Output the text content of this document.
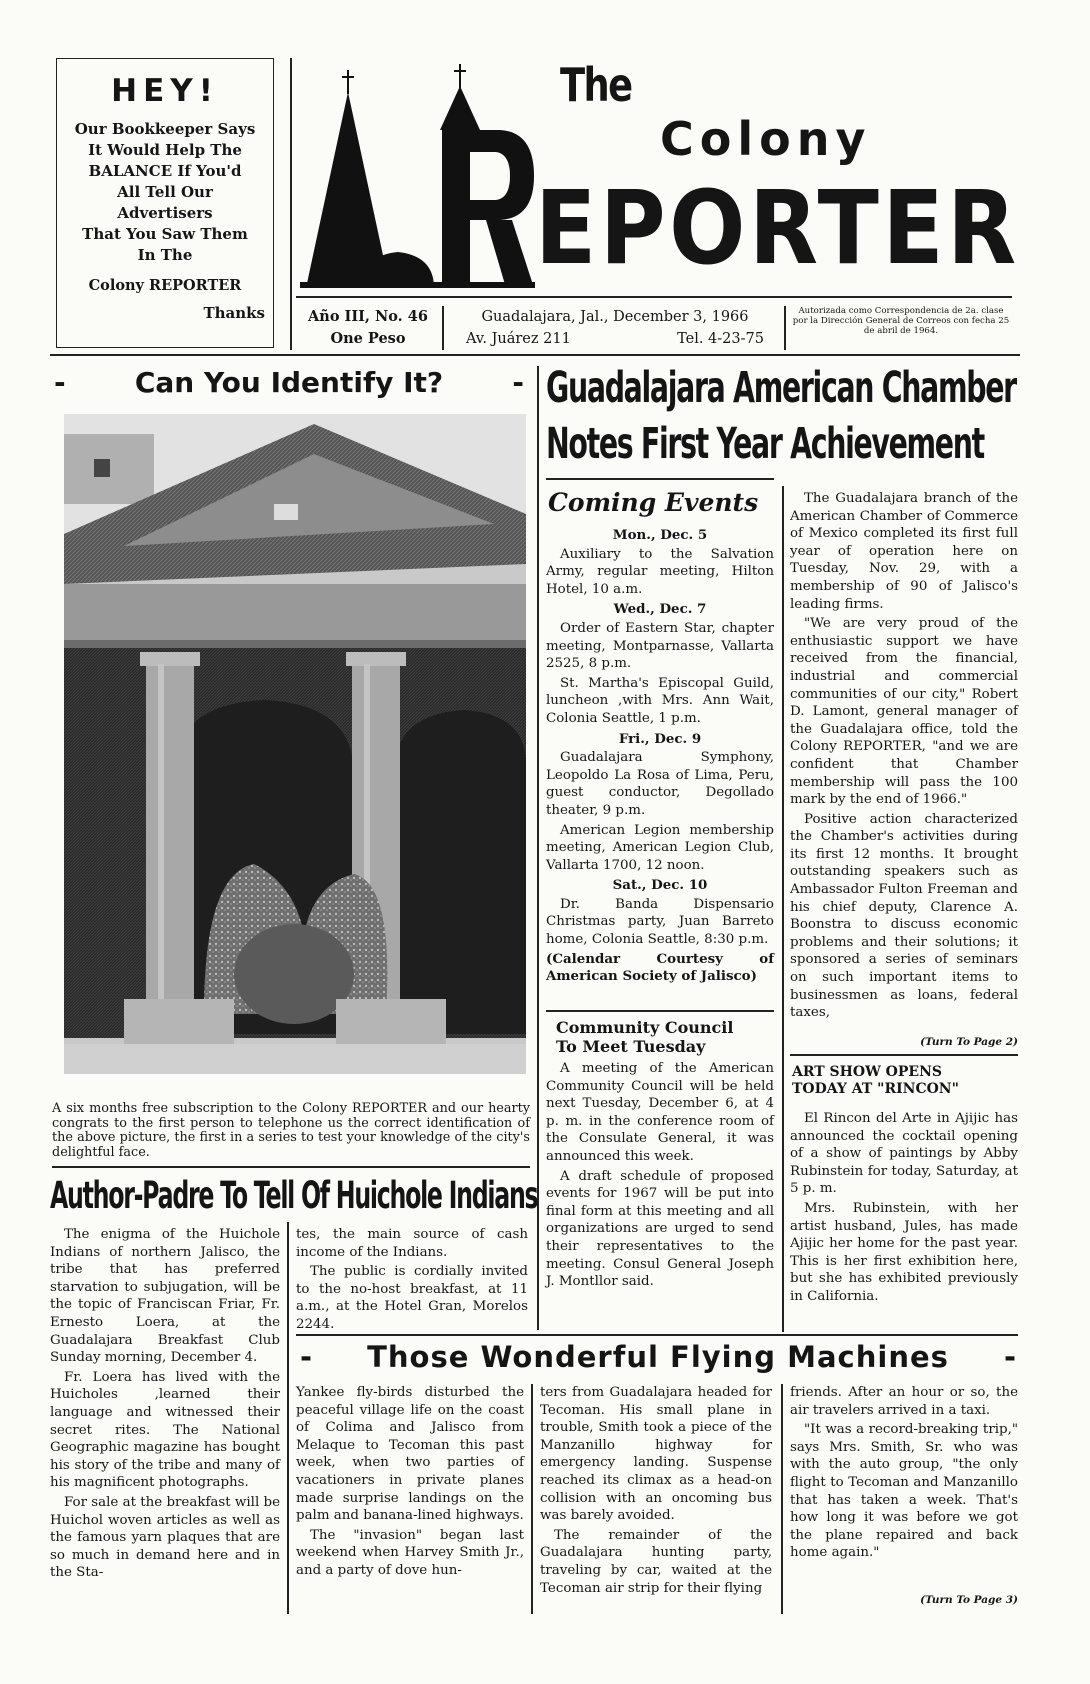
HEY!
Our Bookkeeper Says
It Would Help The
BALANCE If You'd
All Tell Our
Advertisers
That You Saw Them
In The
Colony REPORTER
Thanks
The
Colony
EPORTER
Año III, No. 46
One Peso
Guadalajara, Jal., December 3, 1966
Av. Juárez 211	Tel. 4-23-75
Autorizada como Correspondencia de 2a. clase por la Dirección General de Correos con fecha 25 de abril de 1964.
- Can You Identify It? -
A six months free subscription to the Colony REPORTER and our hearty congrats to the first person to telephone us the correct identification of the above picture, the first in a series to test your knowledge of the city's delightful face.
Author-Padre To Tell Of Huichole Indians

The enigma of the Huichole Indians of northern Jalisco, the tribe that has preferred starvation to subjugation, will be the topic of Franciscan Friar, Fr. Ernesto Loera, at the Guadalajara Breakfast Club Sunday morning, December 4.

Fr. Loera has lived with the Huicholes ,learned their language and witnessed their secret rites. The National Geographic magazine has bought his story of the tribe and many of his magnificent photographs.

For sale at the breakfast will be Huichol woven articles as well as the famous yarn plaques that are so much in demand here and in the Sta-

tes, the main source of cash income of the Indians.

The public is cordially invited to the no-host breakfast, at 11 a.m., at the Hotel Gran, Morelos 2244.

Guadalajara American Chamber
Notes First Year Achievement
Coming Events

Mon., Dec. 5

Auxiliary to the Salvation Army, regular meeting, Hilton Hotel, 10 a.m.

Wed., Dec. 7

Order of Eastern Star, chapter meeting, Montparnasse, Vallarta 2525, 8 p.m.

St. Martha's Episcopal Guild, luncheon ,with Mrs. Ann Wait, Colonia Seattle, 1 p.m.

Fri., Dec. 9

Guadalajara Symphony, Leopoldo La Rosa of Lima, Peru, guest conductor, Degollado theater, 9 p.m.

American Legion membership meeting, American Legion Club, Vallarta 1700, 12 noon.

Sat., Dec. 10

Dr. Banda Dispensario Christmas party, Juan Barreto home, Colonia Seattle, 8:30 p.m.

(Calendar Courtesy of American Society of Jalisco)

Community Council
To Meet Tuesday

A meeting of the American Community Council will be held next Tuesday, December 6, at 4 p. m. in the conference room of the Consulate General, it was announced this week.

A draft schedule of proposed events for 1967 will be put into final form at this meeting and all organizations are urged to send their representatives to the meeting. Consul General Joseph J. Montllor said.

The Guadalajara branch of the American Chamber of Commerce of Mexico completed its first full year of operation here on Tuesday, Nov. 29, with a membership of 90 of Jalisco's leading firms.

"We are very proud of the enthusiastic support we have received from the financial, industrial and commercial communities of our city," Robert D. Lamont, general manager of the Guadalajara office, told the Colony REPORTER, "and we are confident that Chamber membership will pass the 100 mark by the end of 1966."

Positive action characterized the Chamber's activities during its first 12 months. It brought outstanding speakers such as Ambassador Fulton Freeman and his chief deputy, Clarence A. Boonstra to discuss economic problems and their solutions; it sponsored a series of seminars on such important items to businessmen as loans, federal taxes,

(Turn To Page 2)
ART SHOW OPENS TODAY AT "RINCON"

El Rincon del Arte in Ajijic has announced the cocktail opening of a show of paintings by Abby Rubinstein for today, Saturday, at 5 p. m.

Mrs. Rubinstein, with her artist husband, Jules, has made Ajijic her home for the past year. This is her first exhibition here, but she has exhibited previously in California.

- Those Wonderful Flying Machines -

Yankee fly-birds disturbed the peaceful village life on the coast of Colima and Jalisco from Melaque to Tecoman this past week, when two parties of vacationers in private planes made surprise landings on the palm and banana-lined highways.

The "invasion" began last weekend when Harvey Smith Jr., and a party of dove hun-

ters from Guadalajara headed for Tecoman. His small plane in trouble, Smith took a piece of the Manzanillo highway for emergency landing. Suspense reached its climax as a head-on collision with an oncoming bus was barely avoided.

The remainder of the Guadalajara hunting party, traveling by car, waited at the Tecoman air strip for their flying

friends. After an hour or so, the air travelers arrived in a taxi.

"It was a record-breaking trip," says Mrs. Smith, Sr. who was with the auto group, "the only flight to Tecoman and Manzanillo that has taken a week. That's how long it was before we got the plane repaired and back home again."

(Turn To Page 3)
